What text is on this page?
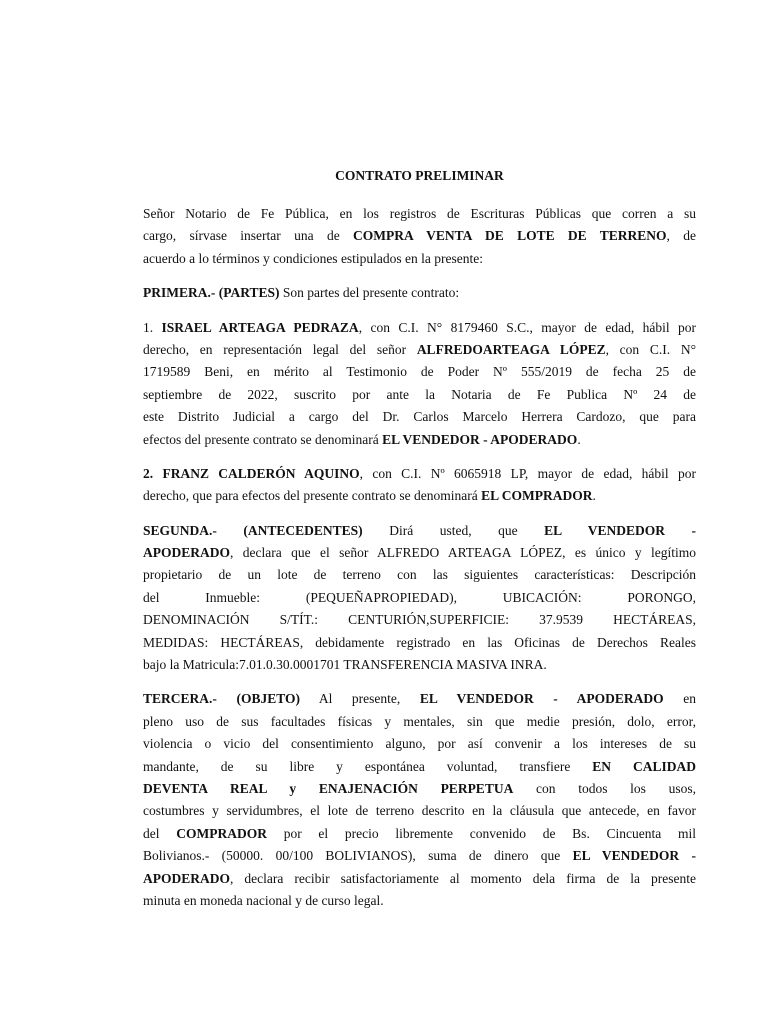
CONTRATO PRELIMINAR
Señor Notario de Fe Pública, en los registros de Escrituras Públicas que corren a su
cargo, sírvase insertar una de COMPRA VENTA DE LOTE DE TERRENO, de
acuerdo a lo términos y condiciones estipulados en la presente:
PRIMERA.- (PARTES) Son partes del presente contrato:
1. ISRAEL ARTEAGA PEDRAZA, con C.I. N° 8179460 S.C., mayor de edad, hábil por
derecho, en representación legal del señor ALFREDOARTEAGA LÓPEZ, con C.I. N°
1719589 Beni, en mérito al Testimonio de Poder Nº 555/2019 de fecha 25 de
septiembre de 2022, suscrito por ante la Notaria de Fe Publica Nº 24 de
este Distrito Judicial a cargo del Dr. Carlos Marcelo Herrera Cardozo, que para
efectos del presente contrato se denominará EL VENDEDOR - APODERADO.
2. FRANZ CALDERÓN AQUINO, con C.I. Nº 6065918 LP, mayor de edad, hábil por
derecho, que para efectos del presente contrato se denominará EL COMPRADOR.
SEGUNDA.- (ANTECEDENTES) Dirá usted, que EL VENDEDOR -
APODERADO, declara que el señor ALFREDO ARTEAGA LÓPEZ, es único y legítimo
propietario de un lote de terreno con las siguientes características: Descripción
del Inmueble: (PEQUEÑAPROPIEDAD), UBICACIÓN: PORONGO,
DENOMINACIÓN S/TÍT.: CENTURIÓN,SUPERFICIE: 37.9539 HECTÁREAS,
MEDIDAS: HECTÁREAS, debidamente registrado en las Oficinas de Derechos Reales
bajo la Matricula:7.01.0.30.0001701 TRANSFERENCIA MASIVA INRA.
TERCERA.- (OBJETO) Al presente, EL VENDEDOR - APODERADO en
pleno uso de sus facultades físicas y mentales, sin que medie presión, dolo, error,
violencia o vicio del consentimiento alguno, por así convenir a los intereses de su
mandante, de su libre y espontánea voluntad, transfiere EN CALIDAD
DEVENTA REAL y ENAJENACIÓN PERPETUA con todos los usos,
costumbres y servidumbres, el lote de terreno descrito en la cláusula que antecede, en favor
del COMPRADOR por el precio libremente convenido de Bs. Cincuenta mil
Bolivianos.- (50000. 00/100 BOLIVIANOS), suma de dinero que EL VENDEDOR -
APODERADO, declara recibir satisfactoriamente al momento dela firma de la presente
minuta en moneda nacional y de curso legal.
